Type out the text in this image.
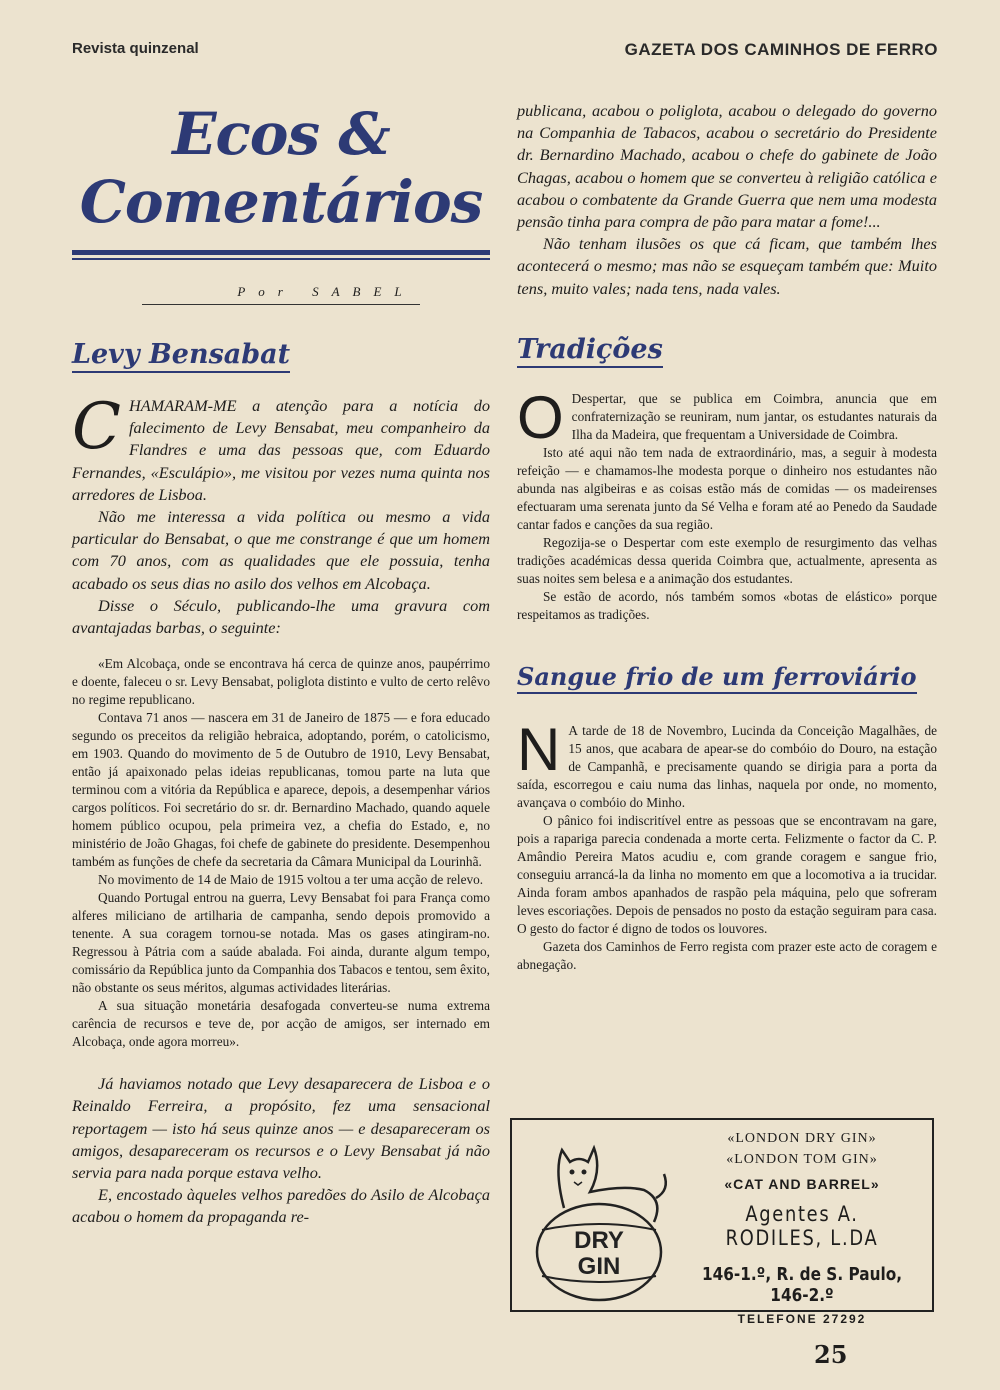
Revista quinzenal	GAZETA DOS CAMINHOS DE FERRO
Ecos & Comentários
Por SABEL
Levy Bensabat
C HAMARAM-ME a atenção para a notícia do falecimento de Levy Bensabat, meu companheiro da Flandres e uma das pessoas que, com Eduardo Fernandes, «Esculápio», me visitou por vezes numa quinta nos arredores de Lisboa.

Não me interessa a vida política ou mesmo a vida particular do Bensabat, o que me constrange é que um homem com 70 anos, com as qualidades que ele possuia, tenha acabado os seus dias no asilo dos velhos em Alcobaça.

Disse o Século, publicando-lhe uma gravura com avantajadas barbas, o seguinte:

«Em Alcobaça, onde se encontrava há cerca de quinze anos, paupérrimo e doente, faleceu o sr. Levy Bensabat, poliglota distinto e vulto de certo relêvo no regime republicano.

Contava 71 anos — nascera em 31 de Janeiro de 1875 — e fora educado segundo os preceitos da religião hebraica, adoptando, porém, o catolicismo, em 1903. Quando do movimento de 5 de Outubro de 1910, Levy Bensabat, então já apaixonado pelas ideias republicanas, tomou parte na luta que terminou com a vitória da República e aparece, depois, a desempenhar vários cargos políticos. Foi secretário do sr. dr. Bernardino Machado, quando aquele homem público ocupou, pela primeira vez, a chefia do Estado, e, no ministério de João Ghagas, foi chefe de gabinete do presidente. Desempenhou também as funções de chefe da secretaria da Câmara Municipal da Lourinhã.

No movimento de 14 de Maio de 1915 voltou a ter uma acção de relevo.

Quando Portugal entrou na guerra, Levy Bensabat foi para França como alferes miliciano de artilharia de campanha, sendo depois promovido a tenente. A sua coragem tornou-se notada. Mas os gases atingiram-no. Regressou à Pátria com a saúde abalada. Foi ainda, durante algum tempo, comissário da República junto da Companhia dos Tabacos e tentou, sem êxito, não obstante os seus méritos, algumas actividades literárias.

A sua situação monetária desafogada converteu-se numa extrema carência de recursos e teve de, por acção de amigos, ser internado em Alcobaça, onde agora morreu».

Já haviamos notado que Levy desaparecera de Lisboa e o Reinaldo Ferreira, a propósito, fez uma sensacional reportagem — isto há seus quinze anos — e desapareceram os amigos, desapareceram os recursos e o Levy Bensabat já não servia para nada porque estava velho.

E, encostado àqueles velhos paredões do Asilo de Alcobaça acabou o homem da propaganda re-

publicana, acabou o poliglota, acabou o delegado do governo na Companhia de Tabacos, acabou o secretário do Presidente dr. Bernardino Machado, acabou o chefe do gabinete de João Chagas, acabou o homem que se converteu à religião católica e acabou o combatente da Grande Guerra que nem uma modesta pensão tinha para compra de pão para matar a fome!...

Não tenham ilusões os que cá ficam, que também lhes acontecerá o mesmo; mas não se esqueçam também que: Muito tens, muito vales; nada tens, nada vales.

Tradições
O Despertar, que se publica em Coimbra, anuncia que em confraternização se reuniram, num jantar, os estudantes naturais da Ilha da Madeira, que frequentam a Universidade de Coimbra.

Isto até aqui não tem nada de extraordinário, mas, a seguir à modesta refeição — e chamamos-lhe modesta porque o dinheiro nos estudantes não abunda nas algibeiras e as coisas estão más de comidas — os madeirenses efectuaram uma serenata junto da Sé Velha e foram até ao Penedo da Saudade cantar fados e canções da sua região.

Regozija-se o Despertar com este exemplo de resurgimento das velhas tradições académicas dessa querida Coimbra que, actualmente, apresenta as suas noites sem belesa e a animação dos estudantes.

Se estão de acordo, nós também somos «botas de elástico» porque respeitamos as tradições.

Sangue frio de um ferroviário
N A tarde de 18 de Novembro, Lucinda da Conceição Magalhães, de 15 anos, que acabara de apear-se do combóio do Douro, na estação de Campanhã, e precisamente quando se dirigia para a porta da saída, escorregou e caiu numa das linhas, naquela por onde, no momento, avançava o combóio do Minho.

O pânico foi indiscritível entre as pessoas que se encontravam na gare, pois a rapariga parecia condenada a morte certa. Felizmente o factor da C. P. Amândio Pereira Matos acudiu e, com grande coragem e sangue frio, conseguiu arrancá-la da linha no momento em que a locomotiva a ia trucidar. Ainda foram ambos apanhados de raspão pela máquina, pelo que sofreram leves escoriações. Depois de pensados no posto da estação seguiram para casa. O gesto do factor é digno de todos os louvores.

Gazeta dos Caminhos de Ferro regista com prazer este acto de coragem e abnegação.

DRY
GIN
«LONDON DRY GIN»
«LONDON TOM GIN»
«CAT AND BARREL»
Agentes A. RODILES, L.DA
146-1.º, R. de S. Paulo, 146-2.º
TELEFONE 27292
25
